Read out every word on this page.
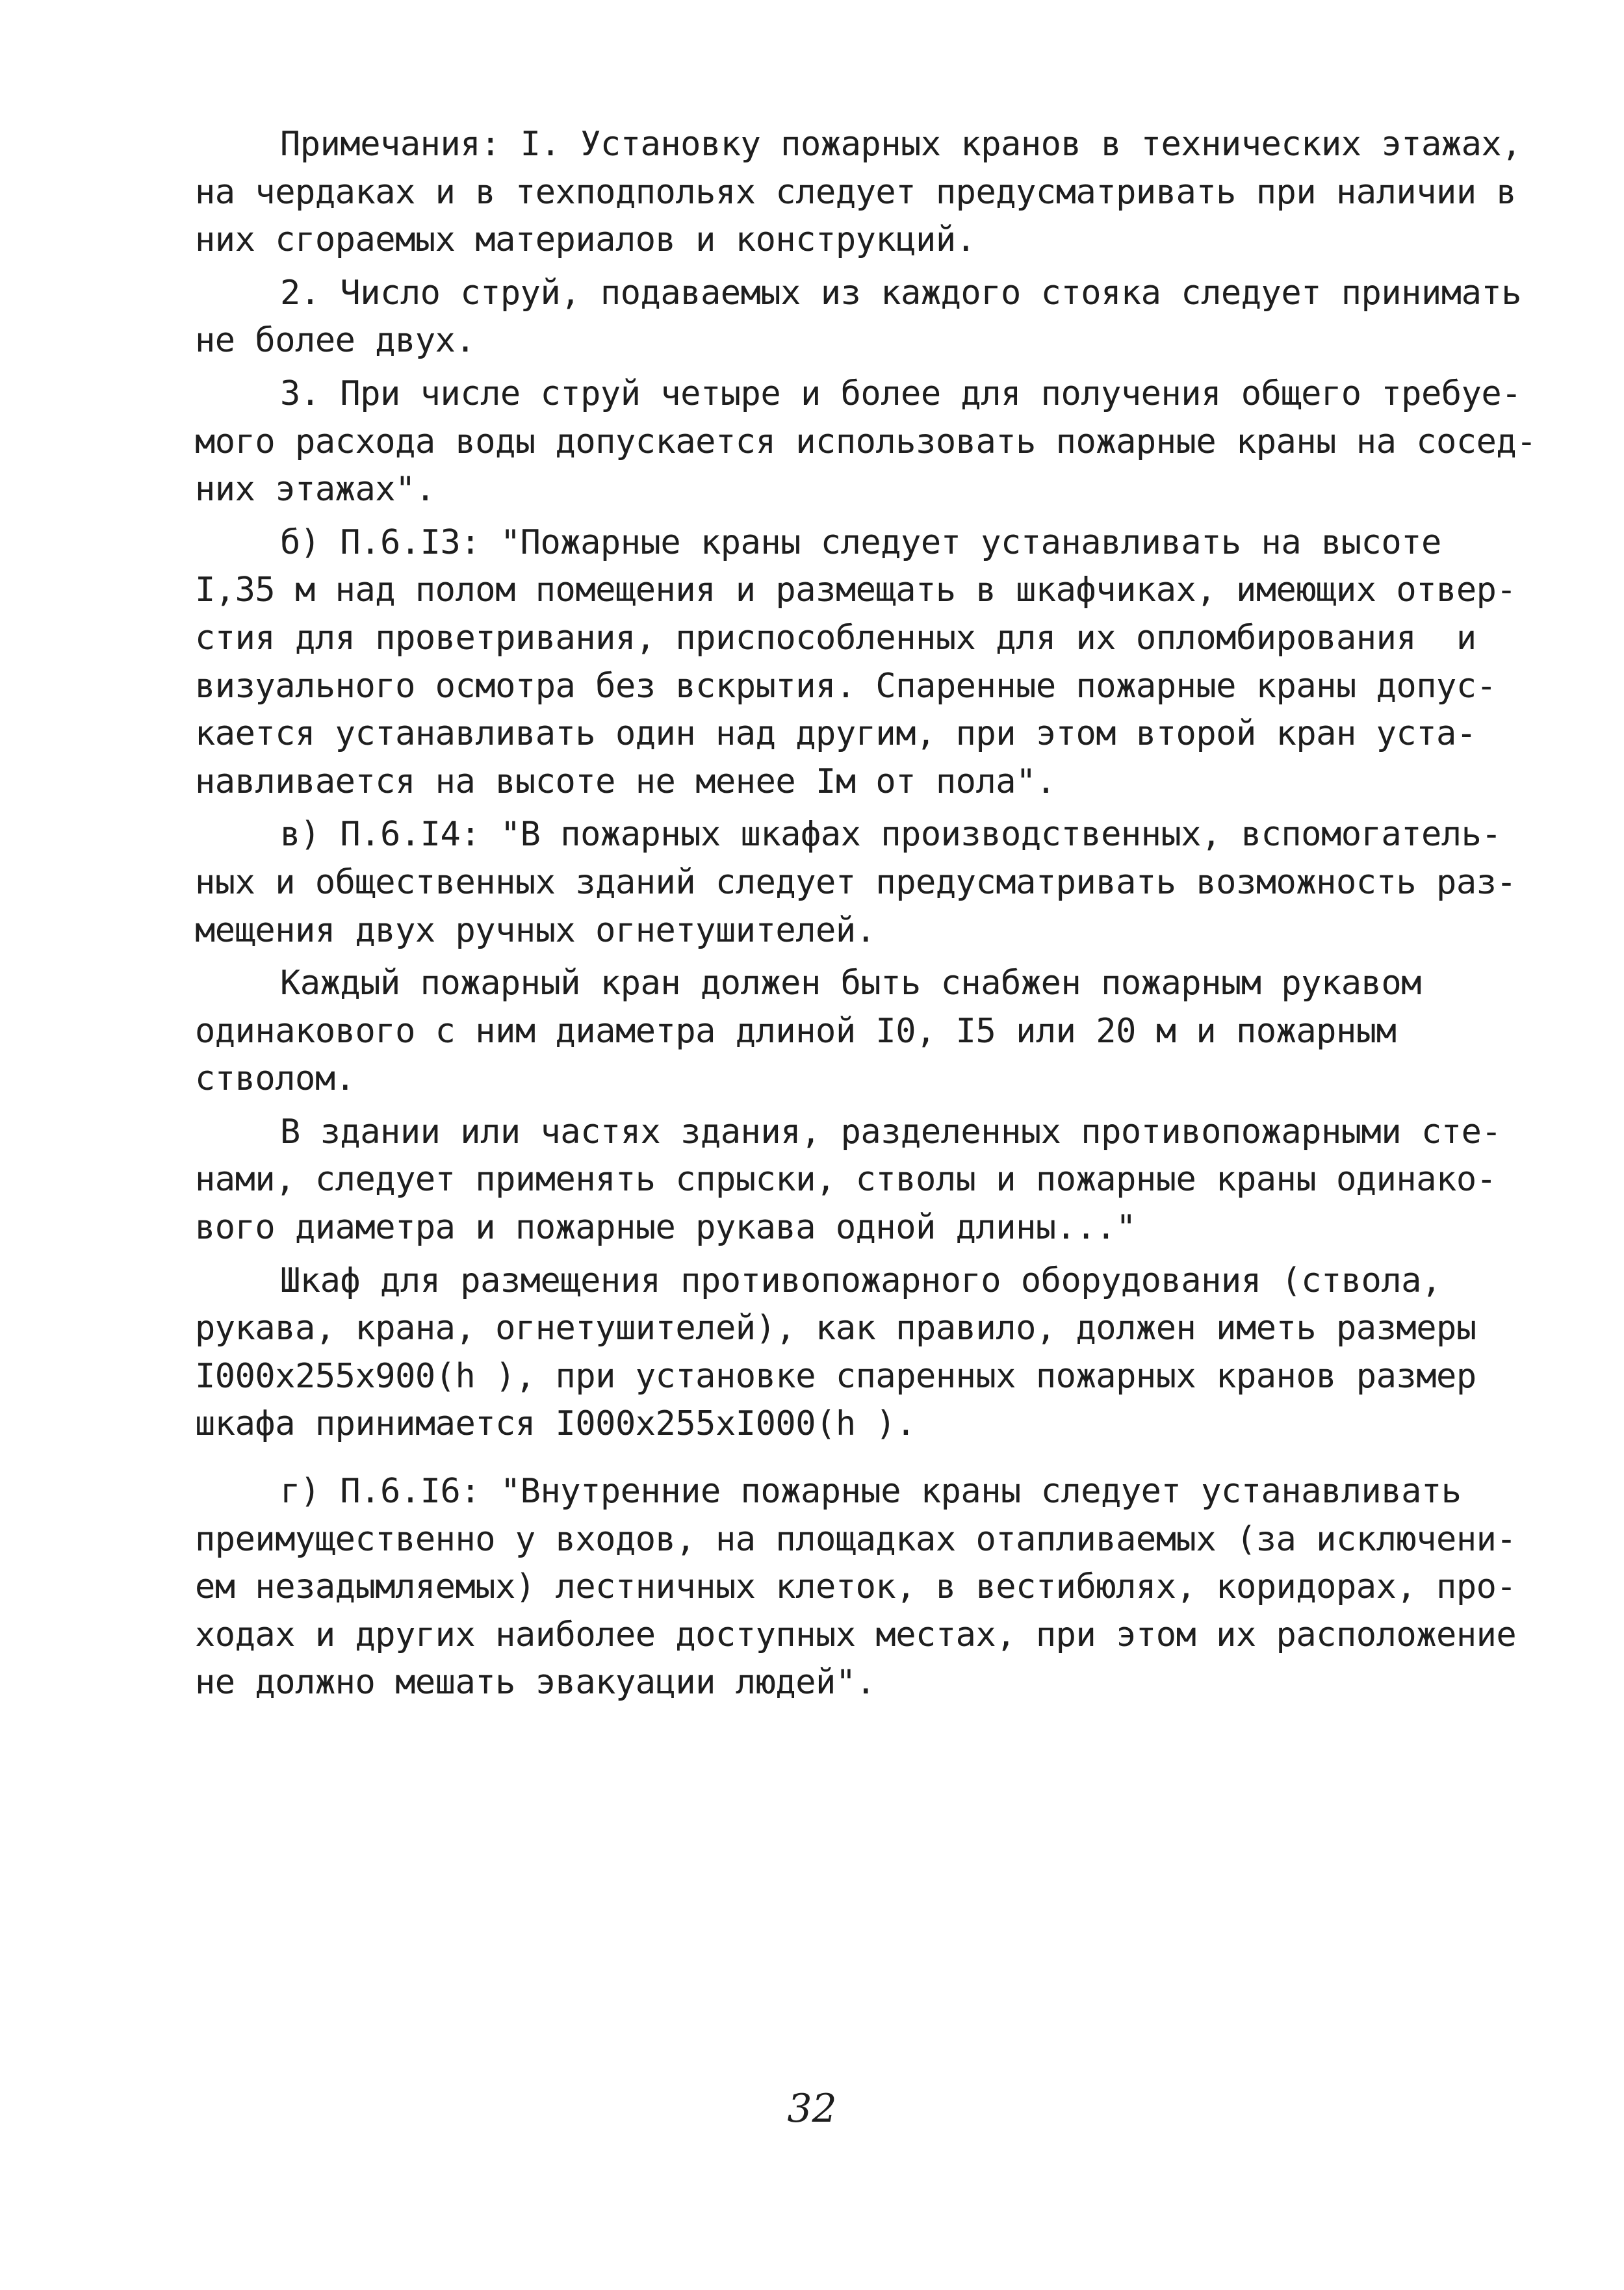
Примечания: I. Установку пожарных кранов в технических этажах,
на чердаках и в техподпольях следует предусматривать при наличии в
них сгораемых материалов и конструкций.
2. Число струй, подаваемых из каждого стояка следует принимать
не более двух.
3. При числе струй четыре и более для получения общего требуе-
мого расхода воды допускается использовать пожарные краны на сосед-
них этажах".
б) П.6.I3: "Пожарные краны следует устанавливать на высоте
I,35 м над полом помещения и размещать в шкафчиках, имеющих отвер-
стия для проветривания, приспособленных для их опломбирования  и
визуального осмотра без вскрытия. Спаренные пожарные краны допус-
кается устанавливать один над другим, при этом второй кран уста-
навливается на высоте не менее Iм от пола".
в) П.6.I4: "В пожарных шкафах производственных, вспомогатель-
ных и общественных зданий следует предусматривать возможность раз-
мещения двух ручных огнетушителей.
Каждый пожарный кран должен быть снабжен пожарным рукавом
одинакового с ним диаметра длиной I0, I5 или 20 м и пожарным
стволом.
В здании или частях здания, разделенных противопожарными сте-
нами, следует применять спрыски, стволы и пожарные краны одинако-
вого диаметра и пожарные рукава одной длины..."
Шкаф для размещения противопожарного оборудования (ствола,
рукава, крана, огнетушителей), как правило, должен иметь размеры
I000x255x900(h ), при установке спаренных пожарных кранов размер
шкафа принимается I000x255xI000(h ).
г) П.6.I6: "Внутренние пожарные краны следует устанавливать
преимущественно у входов, на площадках отапливаемых (за исключени-
ем незадымляемых) лестничных клеток, в вестибюлях, коридорах, про-
ходах и других наиболее доступных местах, при этом их расположение
не должно мешать эвакуации людей".
32
